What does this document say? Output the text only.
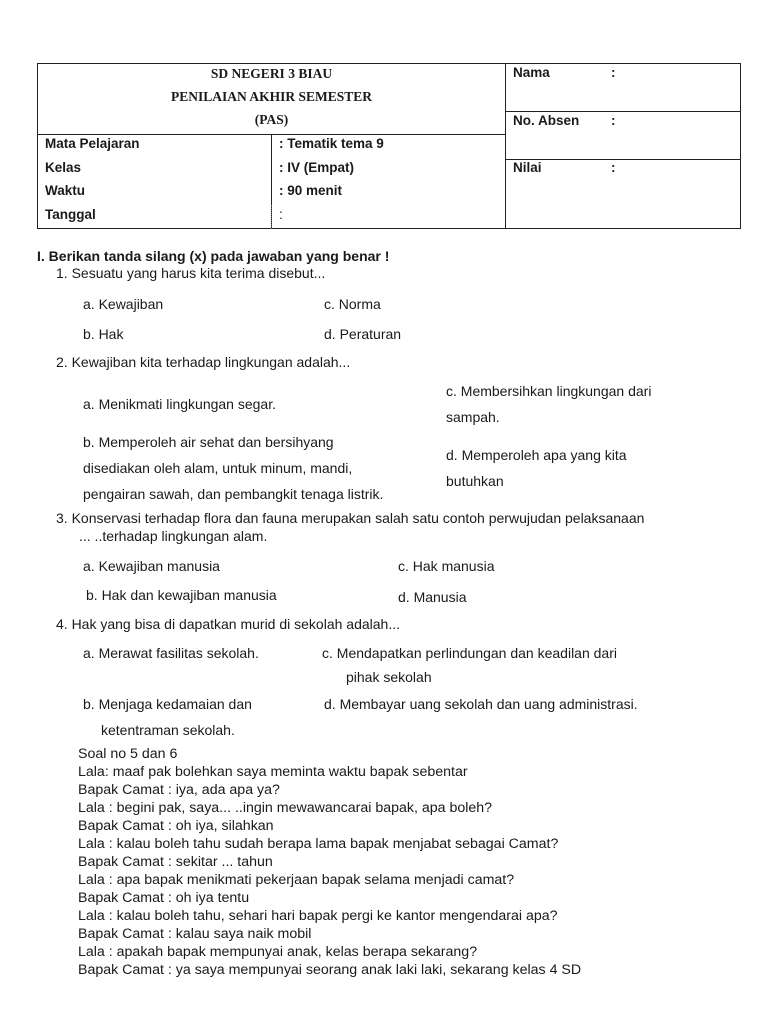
SD NEGERI 3 BIAU
PENILAIAN AKHIR SEMESTER
(PAS)
Mata Pelajaran	: Tematik tema 9
Kelas	: IV (Empat)
Waktu	: 90 menit
Tanggal	:
Nama	:
No. Absen :
Nilai	:
I. Berikan tanda silang (x) pada jawaban yang benar !
1. Sesuatu yang harus kita terima disebut...
a. Kewajiban	c. Norma
b. Hak	d. Peraturan
2. Kewajiban kita terhadap lingkungan adalah...
a. Menikmati lingkungan segar.
c. Membersihkan lingkungan dari
sampah.
b. Memperoleh air sehat dan bersihyang
disediakan oleh alam, untuk minum, mandi,
pengairan sawah, dan pembangkit tenaga listrik.
d. Memperoleh apa yang kita
butuhkan
3. Konservasi terhadap flora dan fauna merupakan salah satu contoh perwujudan pelaksanaan
... ..terhadap lingkungan alam.
a. Kewajiban manusia	c. Hak manusia
b. Hak dan kewajiban manusia	d. Manusia
4. Hak yang bisa di dapatkan murid di sekolah adalah...
a. Merawat fasilitas sekolah.	c. Mendapatkan perlindungan dan keadilan dari
pihak sekolah
b. Menjaga kedamaian dan
ketentraman sekolah.
d. Membayar uang sekolah dan uang administrasi.
Soal no 5 dan 6
Lala: maaf pak bolehkan saya meminta waktu bapak sebentar
Bapak Camat : iya, ada apa ya?
Lala : begini pak, saya... ..ingin mewawancarai bapak, apa boleh?
Bapak Camat : oh iya, silahkan
Lala : kalau boleh tahu sudah berapa lama bapak menjabat sebagai Camat?
Bapak Camat : sekitar ... tahun
Lala : apa bapak menikmati pekerjaan bapak selama menjadi camat?
Bapak Camat : oh iya tentu
Lala : kalau boleh tahu, sehari hari bapak pergi ke kantor mengendarai apa?
Bapak Camat : kalau saya naik mobil
Lala : apakah bapak mempunyai anak, kelas berapa sekarang?
Bapak Camat : ya saya mempunyai seorang anak laki laki, sekarang kelas 4 SD
